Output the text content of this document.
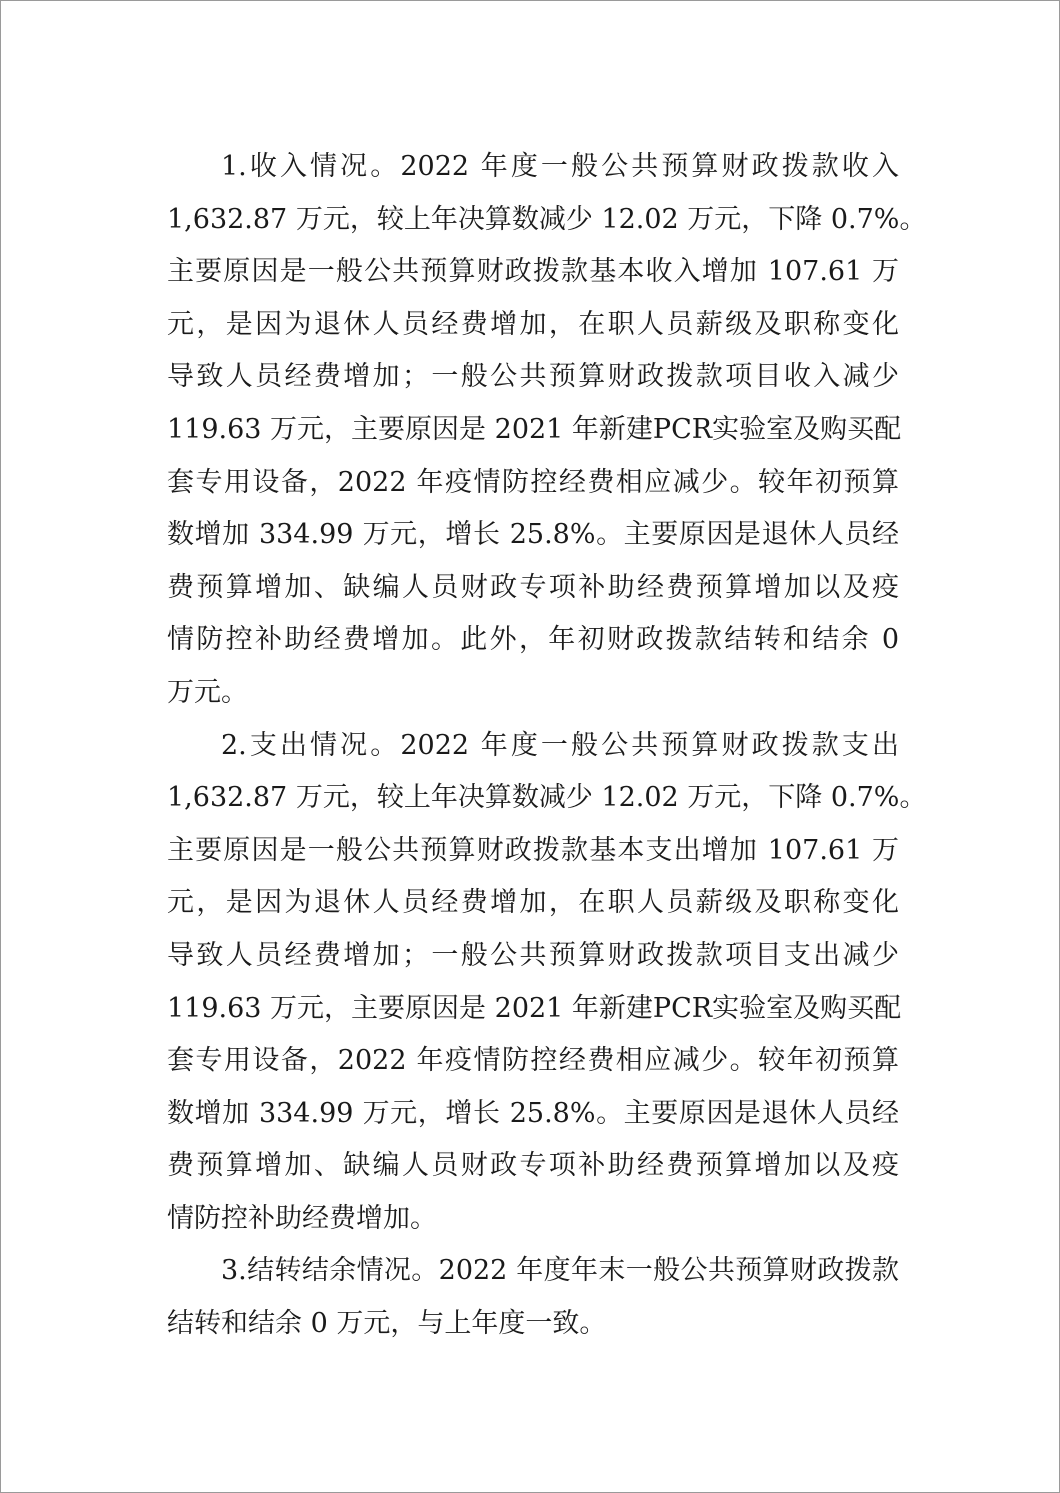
1.收入情况。2022 年度一般公共预算财政拨款收入
1,632.87 万元，较上年决算数减少 12.02 万元，下降 0.7%。
主要原因是一般公共预算财政拨款基本收入增加 107.61 万
元，是因为退休人员经费增加，在职人员薪级及职称变化
导致人员经费增加；一般公共预算财政拨款项目收入减少
119.63 万元，主要原因是 2021 年新建PCR实验室及购买配
套专用设备，2022 年疫情防控经费相应减少。较年初预算
数增加 334.99 万元，增长 25.8%。主要原因是退休人员经
费预算增加、缺编人员财政专项补助经费预算增加以及疫
情防控补助经费增加。此外，年初财政拨款结转和结余 0
万元。
2.支出情况。2022 年度一般公共预算财政拨款支出
1,632.87 万元，较上年决算数减少 12.02 万元，下降 0.7%。
主要原因是一般公共预算财政拨款基本支出增加 107.61 万
元，是因为退休人员经费增加，在职人员薪级及职称变化
导致人员经费增加；一般公共预算财政拨款项目支出减少
119.63 万元，主要原因是 2021 年新建PCR实验室及购买配
套专用设备，2022 年疫情防控经费相应减少。较年初预算
数增加 334.99 万元，增长 25.8%。主要原因是退休人员经
费预算增加、缺编人员财政专项补助经费预算增加以及疫
情防控补助经费增加。
3.结转结余情况。2022 年度年末一般公共预算财政拨款
结转和结余 0 万元，与上年度一致。
